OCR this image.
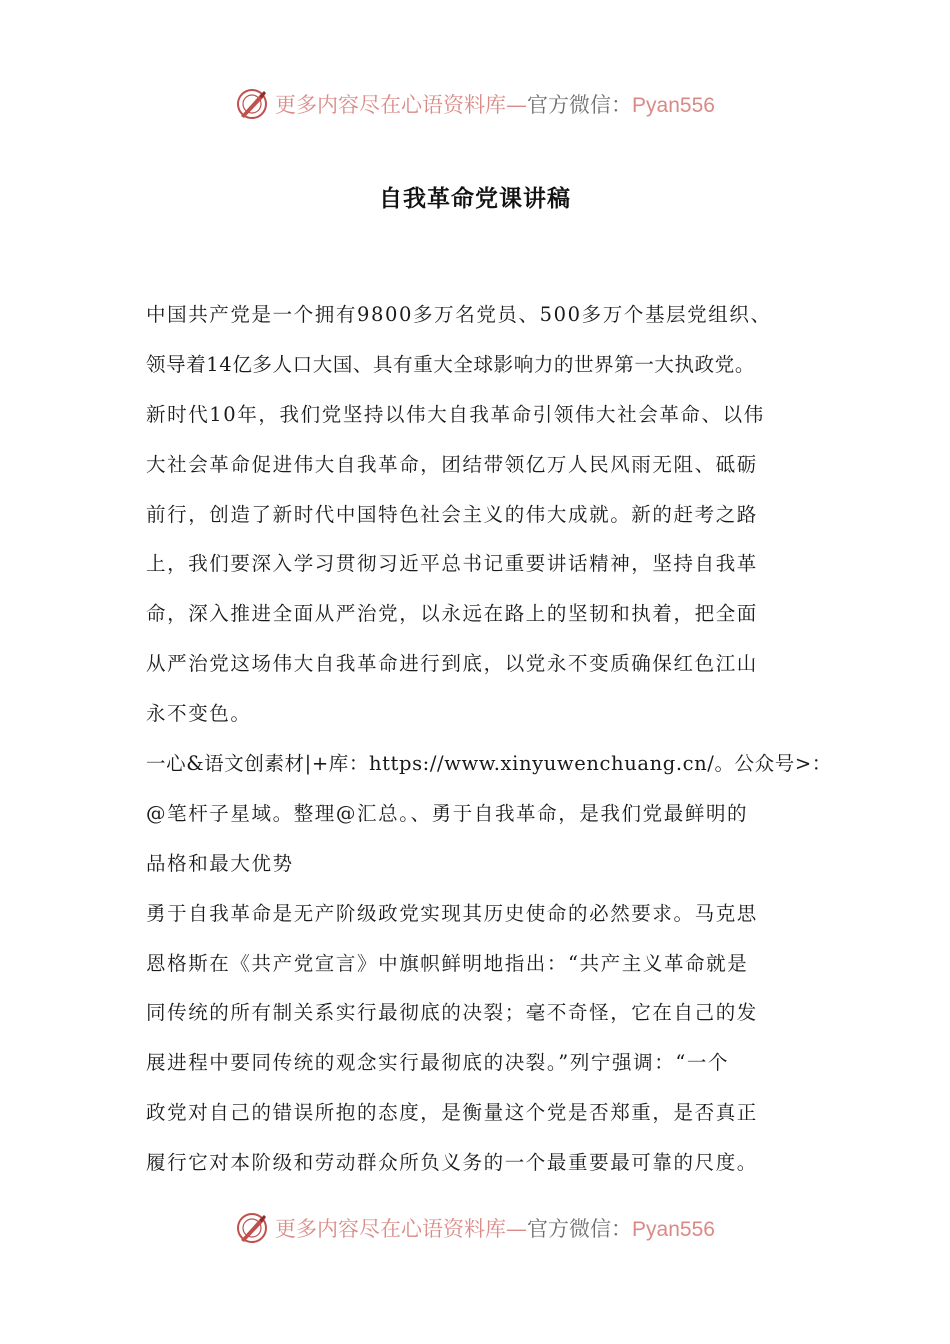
更多内容尽在心语资料库—官方微信：Pyan556
自我革命党课讲稿
中国共产党是一个拥有9800多万名党员、500多万个基层党组织、
领导着14亿多人口大国、具有重大全球影响力的世界第一大执政党。
新时代10年，我们党坚持以伟大自我革命引领伟大社会革命、以伟
大社会革命促进伟大自我革命，团结带领亿万人民风雨无阻、砥砺
前行，创造了新时代中国特色社会主义的伟大成就。新的赶考之路
上，我们要深入学习贯彻习近平总书记重要讲话精神，坚持自我革
命，深入推进全面从严治党，以永远在路上的坚韧和执着，把全面
从严治党这场伟大自我革命进行到底，以党永不变质确保红色江山
永不变色。
一心&语文创素材|+库：https://www.xinyuwenchuang.cn/。公众号>：
@笔杆子星域。整理@汇总。、勇于自我革命，是我们党最鲜明的
品格和最大优势
勇于自我革命是无产阶级政党实现其历史使命的必然要求。马克思
恩格斯在《共产党宣言》中旗帜鲜明地指出：“共产主义革命就是
同传统的所有制关系实行最彻底的决裂；毫不奇怪，它在自己的发
展进程中要同传统的观念实行最彻底的决裂。”列宁强调：“一个
政党对自己的错误所抱的态度，是衡量这个党是否郑重，是否真正
履行它对本阶级和劳动群众所负义务的一个最重要最可靠的尺度。
更多内容尽在心语资料库—官方微信：Pyan556
